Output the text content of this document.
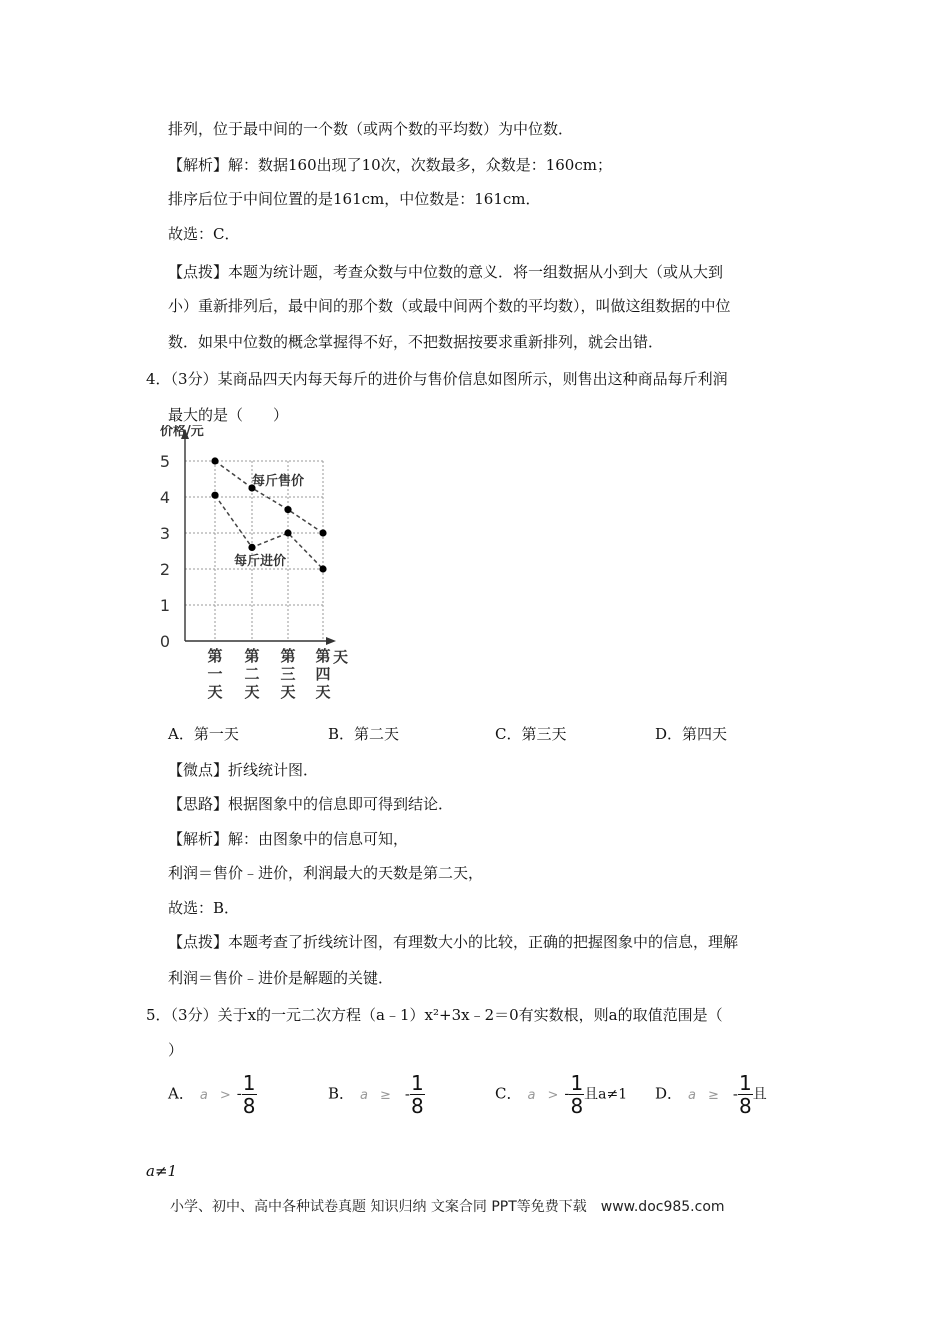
排列，位于最中间的一个数（或两个数的平均数）为中位数．
【解析】解：数据160出现了10次，次数最多，众数是：160cm；
排序后位于中间位置的是161cm，中位数是：161cm．
故选：C．
【点拨】本题为统计题，考查众数与中位数的意义．将一组数据从小到大（或从大到
小）重新排列后，最中间的那个数（或最中间两个数的平均数），叫做这组数据的中位
数．如果中位数的概念掌握得不好，不把数据按要求重新排列，就会出错．
4．（3分）某商品四天内每天每斤的进价与售价信息如图所示，则售出这种商品每斤利润
最大的是（　　）
价格/元
0
1
2
3
4
5
天
第
一
天
第
二
天
第
三
天
第
四
天
每斤售价
每斤进价
A．第一天	B．第二天	C．第三天	D．第四天
【微点】折线统计图．
【思路】根据图象中的信息即可得到结论．
【解析】解：由图象中的信息可知，
利润＝售价﹣进价，利润最大的天数是第二天，
故选：B．
【点拨】本题考查了折线统计图，有理数大小的比较，正确的把握图象中的信息，理解
利润＝售价﹣进价是解题的关键．
5．（3分）关于x的一元二次方程（a﹣1）x²+3x﹣2＝0有实数根，则a的取值范围是（
）
A． a > - $\frac{1}{8}$	B． a ≥ - $\frac{1}{8}$	C． a > - $\frac{1}{8}$ 且a≠1 D． a ≥ - $\frac{1}{8}$ 且
a≠1
小学、初中、高中各种试卷真题 知识归纳 文案合同 PPT等免费下载　www.doc985.com
